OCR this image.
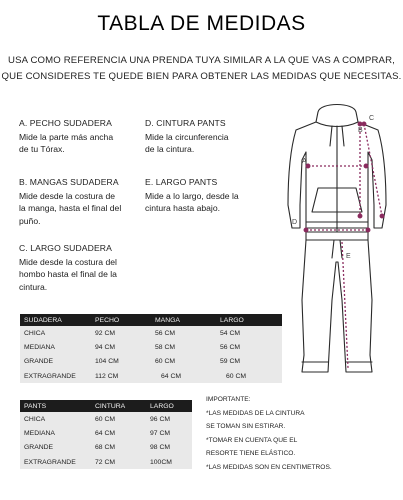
TABLA DE MEDIDAS
USA COMO REFERENCIA UNA PRENDA TUYA SIMILAR A LA QUE VAS A COMPRAR,
QUE CONSIDERES TE QUEDE BIEN PARA OBTENER LAS MEDIDAS QUE NECESITAS.
A. PECHO SUDADERA
Mide la parte más ancha
de tu Tórax.
D. CINTURA PANTS
Mide la circunferencia
de la cintura.
B. MANGAS SUDADERA
Mide desde la costura de
la manga, hasta el final del
puño.
E. LARGO PANTS
Mide a lo largo, desde la
cintura hasta abajo.
C. LARGO SUDADERA
Mide desde la costura del
hombo hasta el final de la
cintura.
A
B
C
D
E
SUDADERA	PECHO	MANGA	LARGO
CHICA	92 CM	56 CM	54 CM
MEDIANA	94 CM	58 CM	56 CM
GRANDE	104 CM	60 CM	59 CM
EXTRAGRANDE	112 CM	64 CM	60 CM
PANTS	CINTURA	LARGO
CHICA	60 CM	96 CM
MEDIANA	64 CM	97 CM
GRANDE	68 CM	98 CM
EXTRAGRANDE	72 CM	100CM
IMPORTANTE:
*LAS MEDIDAS DE LA CINTURA
SE TOMAN SIN ESTIRAR.
*TOMAR EN CUENTA QUE EL
RESORTE TIENE ELÁSTICO.
*LAS MEDIDAS SON EN CENTIMETROS.
